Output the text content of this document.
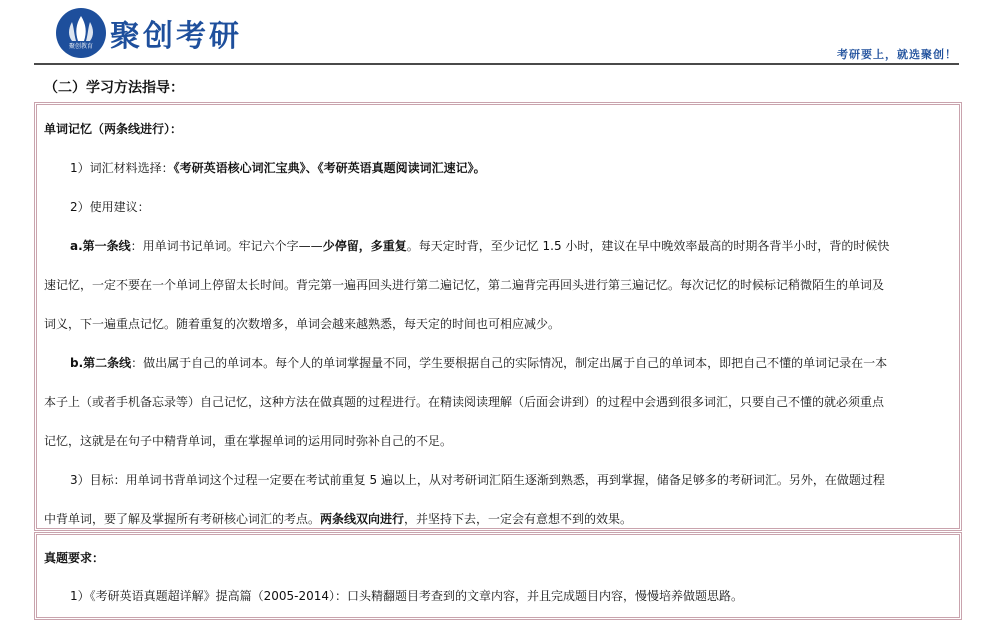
聚创教育 聚创考研
考研要上，就选聚创！
（二）学习方法指导：
单词记忆（两条线进行）：
1）词汇材料选择：《考研英语核心词汇宝典》、《考研英语真题阅读词汇速记》。
2）使用建议：
a.第一条线：用单词书记单词。牢记六个字——少停留，多重复。每天定时背，至少记忆 1.5 小时，建议在早中晚效率最高的时期各背半小时，背的时候快
速记忆，一定不要在一个单词上停留太长时间。背完第一遍再回头进行第二遍记忆，第二遍背完再回头进行第三遍记忆。每次记忆的时候标记稍微陌生的单词及
词义，下一遍重点记忆。随着重复的次数增多，单词会越来越熟悉，每天定的时间也可相应减少。
b.第二条线：做出属于自己的单词本。每个人的单词掌握量不同，学生要根据自己的实际情况，制定出属于自己的单词本，即把自己不懂的单词记录在一本
本子上（或者手机备忘录等）自己记忆，这种方法在做真题的过程进行。在精读阅读理解（后面会讲到）的过程中会遇到很多词汇，只要自己不懂的就必须重点
记忆，这就是在句子中精背单词，重在掌握单词的运用同时弥补自己的不足。
3）目标：用单词书背单词这个过程一定要在考试前重复 5 遍以上，从对考研词汇陌生逐渐到熟悉，再到掌握，储备足够多的考研词汇。另外，在做题过程
中背单词，要了解及掌握所有考研核心词汇的考点。两条线双向进行，并坚持下去，一定会有意想不到的效果。
真题要求：
1）《考研英语真题超详解》提高篇（2005-2014）：口头精翻题目考查到的文章内容，并且完成题目内容，慢慢培养做题思路。
